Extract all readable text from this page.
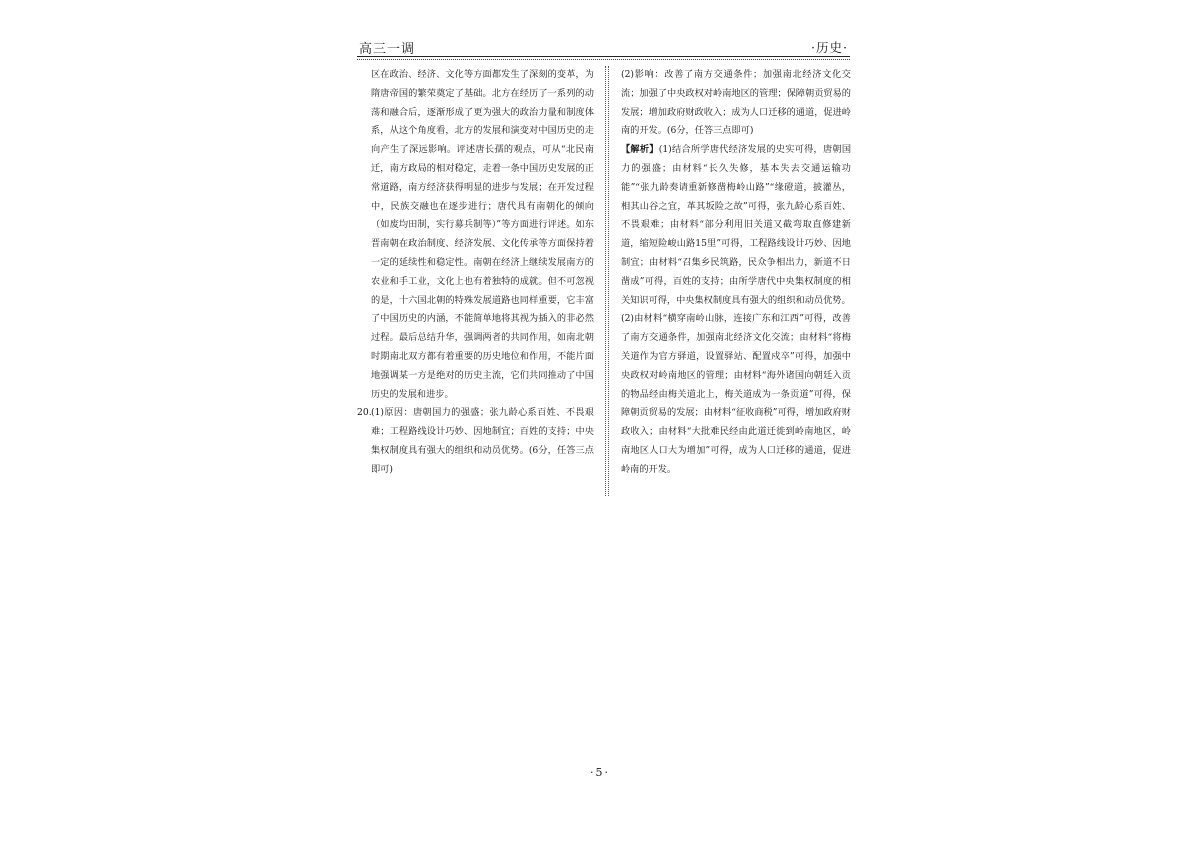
高三一调	·历史·

区在政治、经济、文化等方面都发生了深刻的变革，为隋唐帝国的繁荣奠定了基础。北方在经历了一系列的动荡和融合后，逐渐形成了更为强大的政治力量和制度体系，从这个角度看，北方的发展和演变对中国历史的走向产生了深远影响。评述唐长孺的观点，可从“北民南迁，南方政局的相对稳定，走着一条中国历史发展的正常道路，南方经济获得明显的进步与发展；在开发过程中，民族交融也在逐步进行；唐代具有南朝化的倾向（如废均田制，实行募兵制等）”等方面进行评述。如东晋南朝在政治制度、经济发展、文化传承等方面保持着一定的延续性和稳定性。南朝在经济上继续发展南方的农业和手工业，文化上也有着独特的成就。但不可忽视的是，十六国北朝的特殊发展道路也同样重要，它丰富了中国历史的内涵，不能简单地将其视为插入的非必然过程。最后总结升华，强调两者的共同作用，如南北朝时期南北双方都有着重要的历史地位和作用，不能片面地强调某一方是绝对的历史主流，它们共同推动了中国历史的发展和进步。

20.(1)原因：唐朝国力的强盛；张九龄心系百姓、不畏艰难；工程路线设计巧妙、因地制宜；百姓的支持；中央集权制度具有强大的组织和动员优势。(6分，任答三点即可)

(2)影响：改善了南方交通条件；加强南北经济文化交流；加强了中央政权对岭南地区的管理；保障朝贡贸易的发展；增加政府财政收入；成为人口迁移的通道，促进岭南的开发。(6分，任答三点即可)

【解析】(1)结合所学唐代经济发展的史实可得，唐朝国力的强盛；由材料“长久失修，基本失去交通运输功能”“张九龄奏请重新修凿梅岭山路”“缘磴道，披灌丛，相其山谷之宜，革其坂险之故”可得，张九龄心系百姓、不畏艰难；由材料“部分利用旧关道又截弯取直修建新道，缩短险峻山路15里”可得，工程路线设计巧妙、因地制宜；由材料“召集乡民筑路，民众争相出力，新道不日凿成”可得，百姓的支持；由所学唐代中央集权制度的相关知识可得，中央集权制度具有强大的组织和动员优势。

(2)由材料“横穿南岭山脉，连接广东和江西”可得，改善了南方交通条件，加强南北经济文化交流；由材料“将梅关道作为官方驿道，设置驿站、配置戍卒”可得，加强中央政权对岭南地区的管理；由材料“海外诸国向朝廷入贡的物品经由梅关道北上，梅关道成为一条贡道”可得，保障朝贡贸易的发展；由材料“征收商税”可得，增加政府财政收入；由材料“大批难民经由此道迁徙到岭南地区，岭南地区人口大为增加”可得，成为人口迁移的通道，促进岭南的开发。

·5·
